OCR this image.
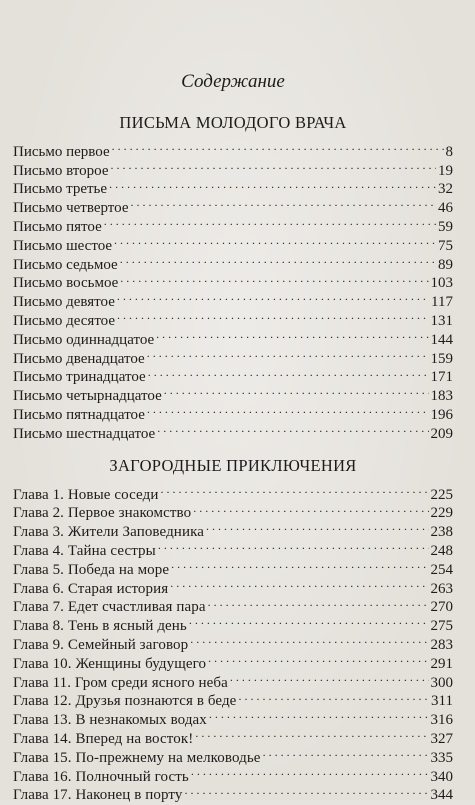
Содержание
ПИСЬМА МОЛОДОГО ВРАЧА
Письмо первое . . .	8
Письмо второе . . .	19
Письмо третье . . .	32
Письмо четвертое . . .	46
Письмо пятое . . .	59
Письмо шестое . . .	75
Письмо седьмое . . .	89
Письмо восьмое . . .	103
Письмо девятое . . .	117
Письмо десятое . . .	131
Письмо одиннадцатое . . .	144
Письмо двенадцатое . . .	159
Письмо тринадцатое . . .	171
Письмо четырнадцатое . . .	183
Письмо пятнадцатое . . .	196
Письмо шестнадцатое . . .	209
ЗАГОРОДНЫЕ ПРИКЛЮЧЕНИЯ
Глава 1. Новые соседи . . .	225
Глава 2. Первое знакомство . . .	229
Глава 3. Жители Заповедника . . .	238
Глава 4. Тайна сестры . . .	248
Глава 5. Победа на море . . .	254
Глава 6. Старая история . . .	263
Глава 7. Едет счастливая пара . . .	270
Глава 8. Тень в ясный день . . .	275
Глава 9. Семейный заговор . . .	283
Глава 10. Женщины будущего . . .	291
Глава 11. Гром среди ясного неба . . .	300
Глава 12. Друзья познаются в беде . . .	311
Глава 13. В незнакомых водах . . .	316
Глава 14. Вперед на восток! . . .	327
Глава 15. По-прежнему на мелководье . . .	335
Глава 16. Полночный гость . . .	340
Глава 17. Наконец в порту . . .	344
